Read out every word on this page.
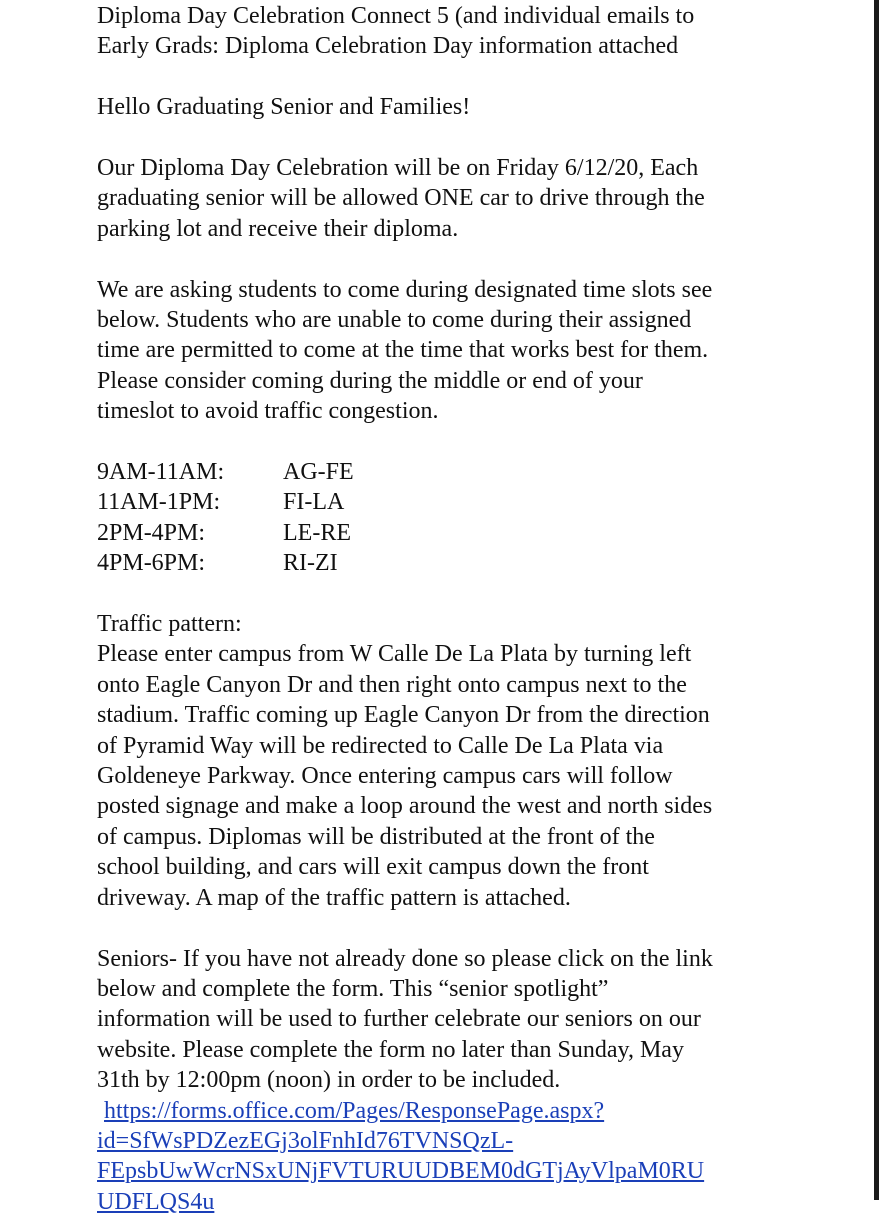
Diploma Day Celebration Connect 5 (and individual emails to
Early Grads: Diploma Celebration Day information attached
Hello Graduating Senior and Families!
Our Diploma Day Celebration will be on Friday 6/12/20, Each
graduating senior will be allowed ONE car to drive through the
parking lot and receive their diploma.
We are asking students to come during designated time slots see
below. Students who are unable to come during their assigned
time are permitted to come at the time that works best for them.
Please consider coming during the middle or end of your
timeslot to avoid traffic congestion.
9AM-11AM:	AG-FE
11AM-1PM:	FI-LA
2PM-4PM:	LE-RE
4PM-6PM:	RI-ZI
Traffic pattern:
Please enter campus from W Calle De La Plata by turning left
onto Eagle Canyon Dr and then right onto campus next to the
stadium. Traffic coming up Eagle Canyon Dr from the direction
of Pyramid Way will be redirected to Calle De La Plata via
Goldeneye Parkway. Once entering campus cars will follow
posted signage and make a loop around the west and north sides
of campus. Diplomas will be distributed at the front of the
school building, and cars will exit campus down the front
driveway. A map of the traffic pattern is attached.
Seniors- If you have not already done so please click on the link
below and complete the form. This “senior spotlight”
information will be used to further celebrate our seniors on our
website. Please complete the form no later than Sunday, May
31th by 12:00pm (noon) in order to be included.
https://forms.office.com/Pages/ResponsePage.aspx?
id=SfWsPDZezEGj3olFnhId76TVNSQzL-
FEpsbUwWcrNSxUNjFVTURUUDBEM0dGTjAyVlpaM0RU
UDFLQS4u
